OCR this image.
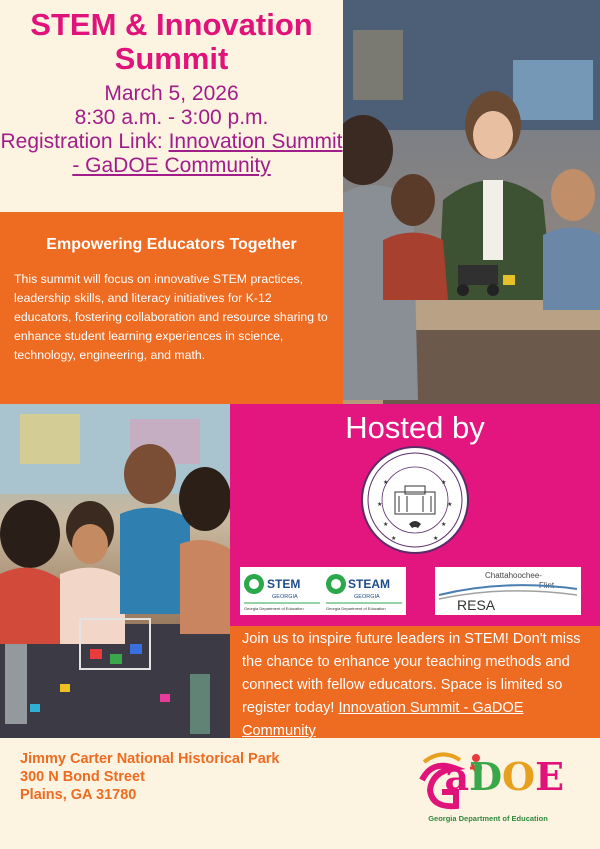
STEM & Innovation Summit
March 5, 2026
8:30 a.m. - 3:00 p.m.
Registration Link: Innovation Summit - GaDOE Community
Empowering Educators Together

This summit will focus on innovative STEM practices, leadership skills, and literacy initiatives for K-12 educators, fostering collaboration and resource sharing to enhance student learning experiences in science, technology, engineering, and math.

Hosted by
★	★
★	★
★	★
★	★
STEM
GEORGIA
Georgia Department of Education
STEAM
GEORGIA
Georgia Department of Education
Chattahoochee-
Flint
RESA
Join us to inspire future leaders in STEM! Don't miss the chance to enhance your teaching methods and connect with fellow educators. Space is limited so register today! Innovation Summit - GaDOE Community
Jimmy Carter National Historical Park
300 N Bond Street
Plains, GA 31780	aDOE
Georgia Department of Education
